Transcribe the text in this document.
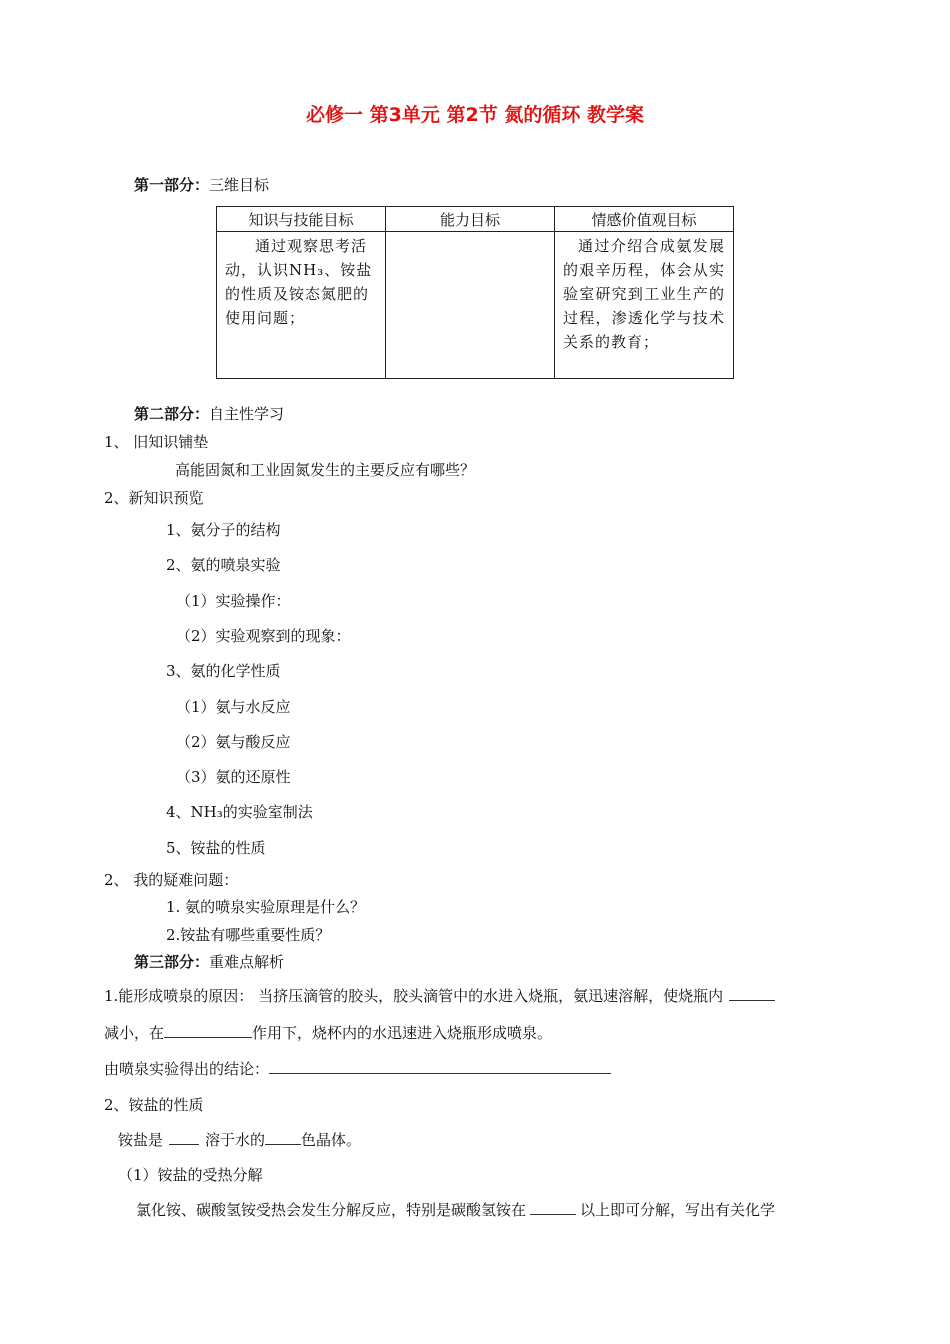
必修一 第3单元 第2节 氮的循环 教学案
第一部分：三维目标
知识与技能目标	能力目标	情感价值观目标
通过观察思考活动，认识NH₃、铵盐的性质及铵态氮肥的使用问题；		通过介绍合成氨发展的艰辛历程，体会从实验室研究到工业生产的过程，渗透化学与技术关系的教育；
第二部分：自主性学习
1、 旧知识铺垫
高能固氮和工业固氮发生的主要反应有哪些？
2、新知识预览
1、氨分子的结构
2、氨的喷泉实验
（1）实验操作：
（2）实验观察到的现象：
3、氨的化学性质
（1）氨与水反应
（2）氨与酸反应
（3）氨的还原性
4、NH₃的实验室制法
5、铵盐的性质
2、 我的疑难问题：
1. 氨的喷泉实验原理是什么？
2.铵盐有哪些重要性质？
第三部分：重难点解析
1.能形成喷泉的原因： 当挤压滴管的胶头，胶头滴管中的水进入烧瓶，氨迅速溶解，使烧瓶内
减小，在	作用下，烧杯内的水迅速进入烧瓶形成喷泉。
由喷泉实验得出的结论：
2、铵盐的性质
铵盐是	溶于水的 色晶体。
（1）铵盐的受热分解
氯化铵、碳酸氢铵受热会发生分解反应，特别是碳酸氢铵在	以上即可分解，写出有关化学
